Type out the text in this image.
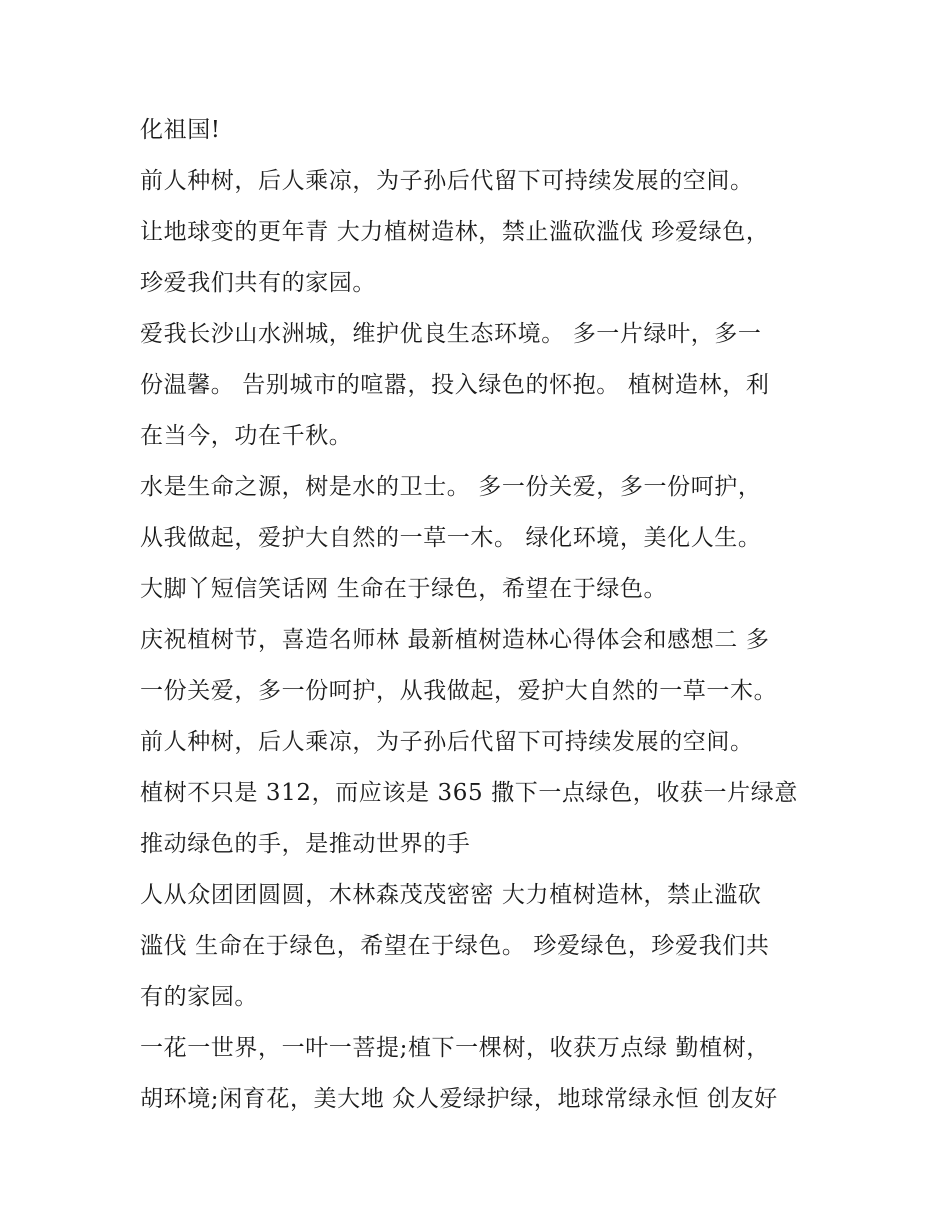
化祖国!
前人种树，后人乘凉，为子孙后代留下可持续发展的空间。
让地球变的更年青 大力植树造林，禁止滥砍滥伐 珍爱绿色，
珍爱我们共有的家园。
爱我长沙山水洲城，维护优良生态环境。 多一片绿叶，多一
份温馨。 告别城市的喧嚣，投入绿色的怀抱。 植树造林，利
在当今，功在千秋。
水是生命之源，树是水的卫士。 多一份关爱，多一份呵护，
从我做起，爱护大自然的一草一木。 绿化环境，美化人生。
大脚丫短信笑话网 生命在于绿色，希望在于绿色。
庆祝植树节，喜造名师林 最新植树造林心得体会和感想二 多
一份关爱，多一份呵护，从我做起，爱护大自然的一草一木。
前人种树，后人乘凉，为子孙后代留下可持续发展的空间。
植树不只是 312，而应该是 365 撒下一点绿色，收获一片绿意
推动绿色的手，是推动世界的手
人从众团团圆圆，木林森茂茂密密 大力植树造林，禁止滥砍
滥伐 生命在于绿色，希望在于绿色。 珍爱绿色，珍爱我们共
有的家园。
一花一世界，一叶一菩提;植下一棵树，收获万点绿 勤植树，
胡环境;闲育花，美大地 众人爱绿护绿，地球常绿永恒 创友好
